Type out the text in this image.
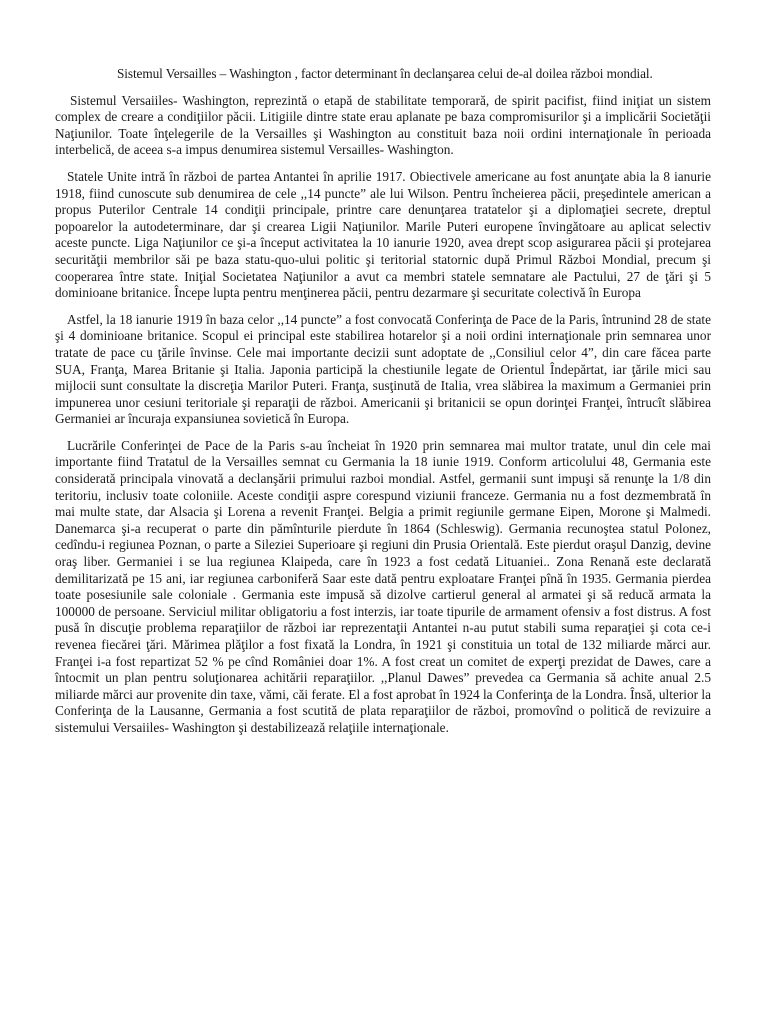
Sistemul Versailles – Washington , factor determinant în declanşarea celui de-al doilea război mondial.

Sistemul Versaiiles- Washington, reprezintă o etapă de stabilitate temporară, de spirit pacifist, fiind iniţiat un sistem complex de creare a condiţiilor păcii. Litigiile dintre state erau aplanate pe baza compromisurilor şi a implicării Societăţii Naţiunilor. Toate înţelegerile de la Versailles şi Washington au constituit baza noii ordini internaţionale în perioada interbelică, de aceea s-a impus denumirea sistemul Versailles- Washington.

Statele Unite intră în război de partea Antantei în aprilie 1917. Obiectivele americane au fost anunţate abia la 8 ianurie 1918, fiind cunoscute sub denumirea de cele ,,14 puncte” ale lui Wilson. Pentru încheierea păcii, preşedintele american a propus Puterilor Centrale 14 condiţii principale, printre care denunţarea tratatelor şi a diplomaţiei secrete, dreptul popoarelor la autodeterminare, dar şi crearea Ligii Naţiunilor. Marile Puteri europene învingătoare au aplicat selectiv aceste puncte. Liga Naţiunilor ce şi-a început activitatea la 10 ianurie 1920, avea drept scop asigurarea păcii şi protejarea securităţii membrilor săi pe baza statu-quo-ului politic şi teritorial statornic după Primul Război Mondial, precum şi cooperarea între state. Iniţial Societatea Naţiunilor a avut ca membri statele semnatare ale Pactului, 27 de ţări şi 5 dominioane britanice. Începe lupta pentru menţinerea păcii, pentru dezarmare şi securitate colectivă în Europa

Astfel, la 18 ianurie 1919 în baza celor ,,14 puncte” a fost convocată Conferinţa de Pace de la Paris, întrunind 28 de state şi 4 dominioane britanice. Scopul ei principal este stabilirea hotarelor şi a noii ordini internaţionale prin semnarea unor tratate de pace cu ţările învinse. Cele mai importante decizii sunt adoptate de ,,Consiliul celor 4”, din care făcea parte SUA, Franţa, Marea Britanie şi Italia. Japonia participă la chestiunile legate de Orientul Îndepărtat, iar ţările mici sau mijlocii sunt consultate la discreţia Marilor Puteri. Franţa, susţinută de Italia, vrea slăbirea la maximum a Germaniei prin impunerea unor cesiuni teritoriale şi reparaţii de război. Americanii şi britanicii se opun dorinţei Franţei, întrucît slăbirea Germaniei ar încuraja expansiunea sovietică în Europa.

Lucrările Conferinţei de Pace de la Paris s-au încheiat în 1920 prin semnarea mai multor tratate, unul din cele mai importante fiind Tratatul de la Versailles semnat cu Germania la 18 iunie 1919. Conform articolului 48, Germania este considerată principala vinovată a declanşării primului razboi mondial. Astfel, germanii sunt impuşi să renunţe la 1/8 din teritoriu, inclusiv toate coloniile. Aceste condiţii aspre corespund viziunii franceze. Germania nu a fost dezmembrată în mai multe state, dar Alsacia şi Lorena a revenit Franţei. Belgia a primit regiunile germane Eipen, Morone şi Malmedi. Danemarca şi-a recuperat o parte din pămînturile pierdute în 1864 (Schleswig). Germania recunoştea statul Polonez, cedîndu-i regiunea Poznan, o parte a Sileziei Superioare şi regiuni din Prusia Orientală. Este pierdut oraşul Danzig, devine oraş liber. Germaniei i se lua regiunea Klaipeda, care în 1923 a fost cedată Lituaniei.. Zona Renană este declarată demilitarizată pe 15 ani, iar regiunea carboniferă Saar este dată pentru exploatare Franţei pînă în 1935. Germania pierdea toate posesiunile sale coloniale . Germania este impusă să dizolve cartierul general al armatei şi să reducă armata la 100000 de persoane. Serviciul militar obligatoriu a fost interzis, iar toate tipurile de armament ofensiv a fost distrus. A fost pusă în discuţie problema reparaţiilor de război iar reprezentaţii Antantei n-au putut stabili suma reparaţiei şi cota ce-i revenea fiecărei ţări. Mărimea plăţilor a fost fixată la Londra, în 1921 şi constituia un total de 132 miliarde mărci aur. Franţei i-a fost repartizat 52 % pe cînd României doar 1%. A fost creat un comitet de experţi prezidat de Dawes, care a întocmit un plan pentru soluţionarea achitării reparaţiilor. ,,Planul Dawes” prevedea ca Germania să achite anual 2.5 miliarde mărci aur provenite din taxe, vămi, căi ferate. El a fost aprobat în 1924 la Conferinţa de la Londra. Însă, ulterior la Conferinţa de la Lausanne, Germania a fost scutită de plata reparaţiilor de război, promovînd o politică de revizuire a sistemului Versaiiles- Washington şi destabilizează relaţiile internaţionale.
